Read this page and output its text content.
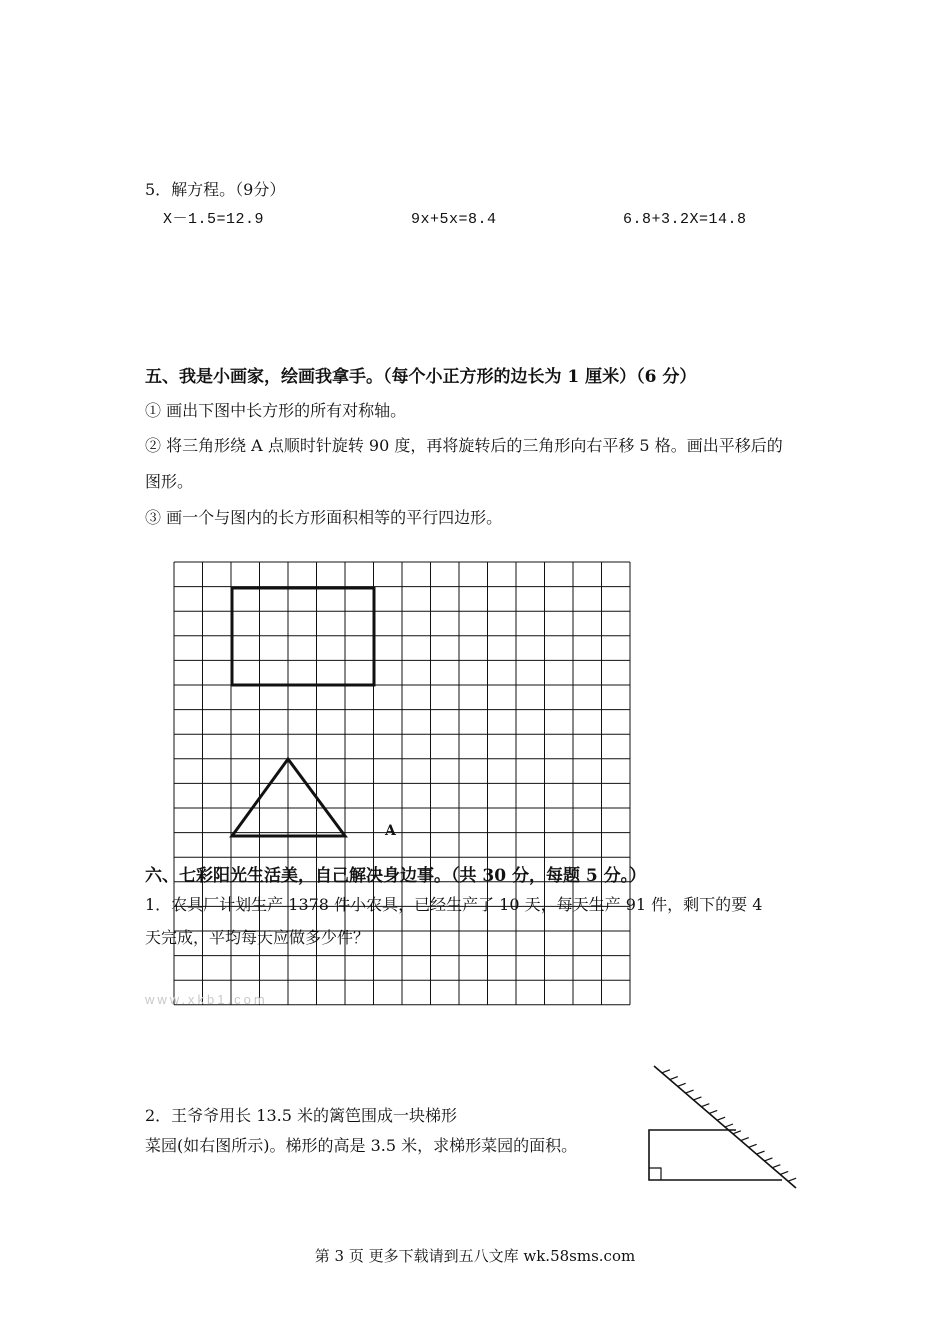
5．解方程。（9分）
X－1.5=12.9	9x+5x=8.4	6.8+3.2X=14.8
五、我是小画家，绘画我拿手。（每个小正方形的边长为 1 厘米）（6 分）
① 画出下图中长方形的所有对称轴。
② 将三角形绕 A 点顺时针旋转 90 度，再将旋转后的三角形向右平移 5 格。画出平移后的
图形。
③ 画一个与图内的长方形面积相等的平行四边形。
A
六、七彩阳光生活美，自己解决身边事。（共 30 分，每题 5 分。）
1．农具厂计划生产 1378 件小农具，已经生产了 10 天，每天生产 91 件，剩下的要 4
天完成，平均每天应做多少件？
www.xkb1.com
2．王爷爷用长 13.5 米的篱笆围成一块梯形
菜园(如右图所示)。梯形的高是 3.5 米，求梯形菜园的面积。
第 3 页 更多下载请到五八文库 wk.58sms.com
